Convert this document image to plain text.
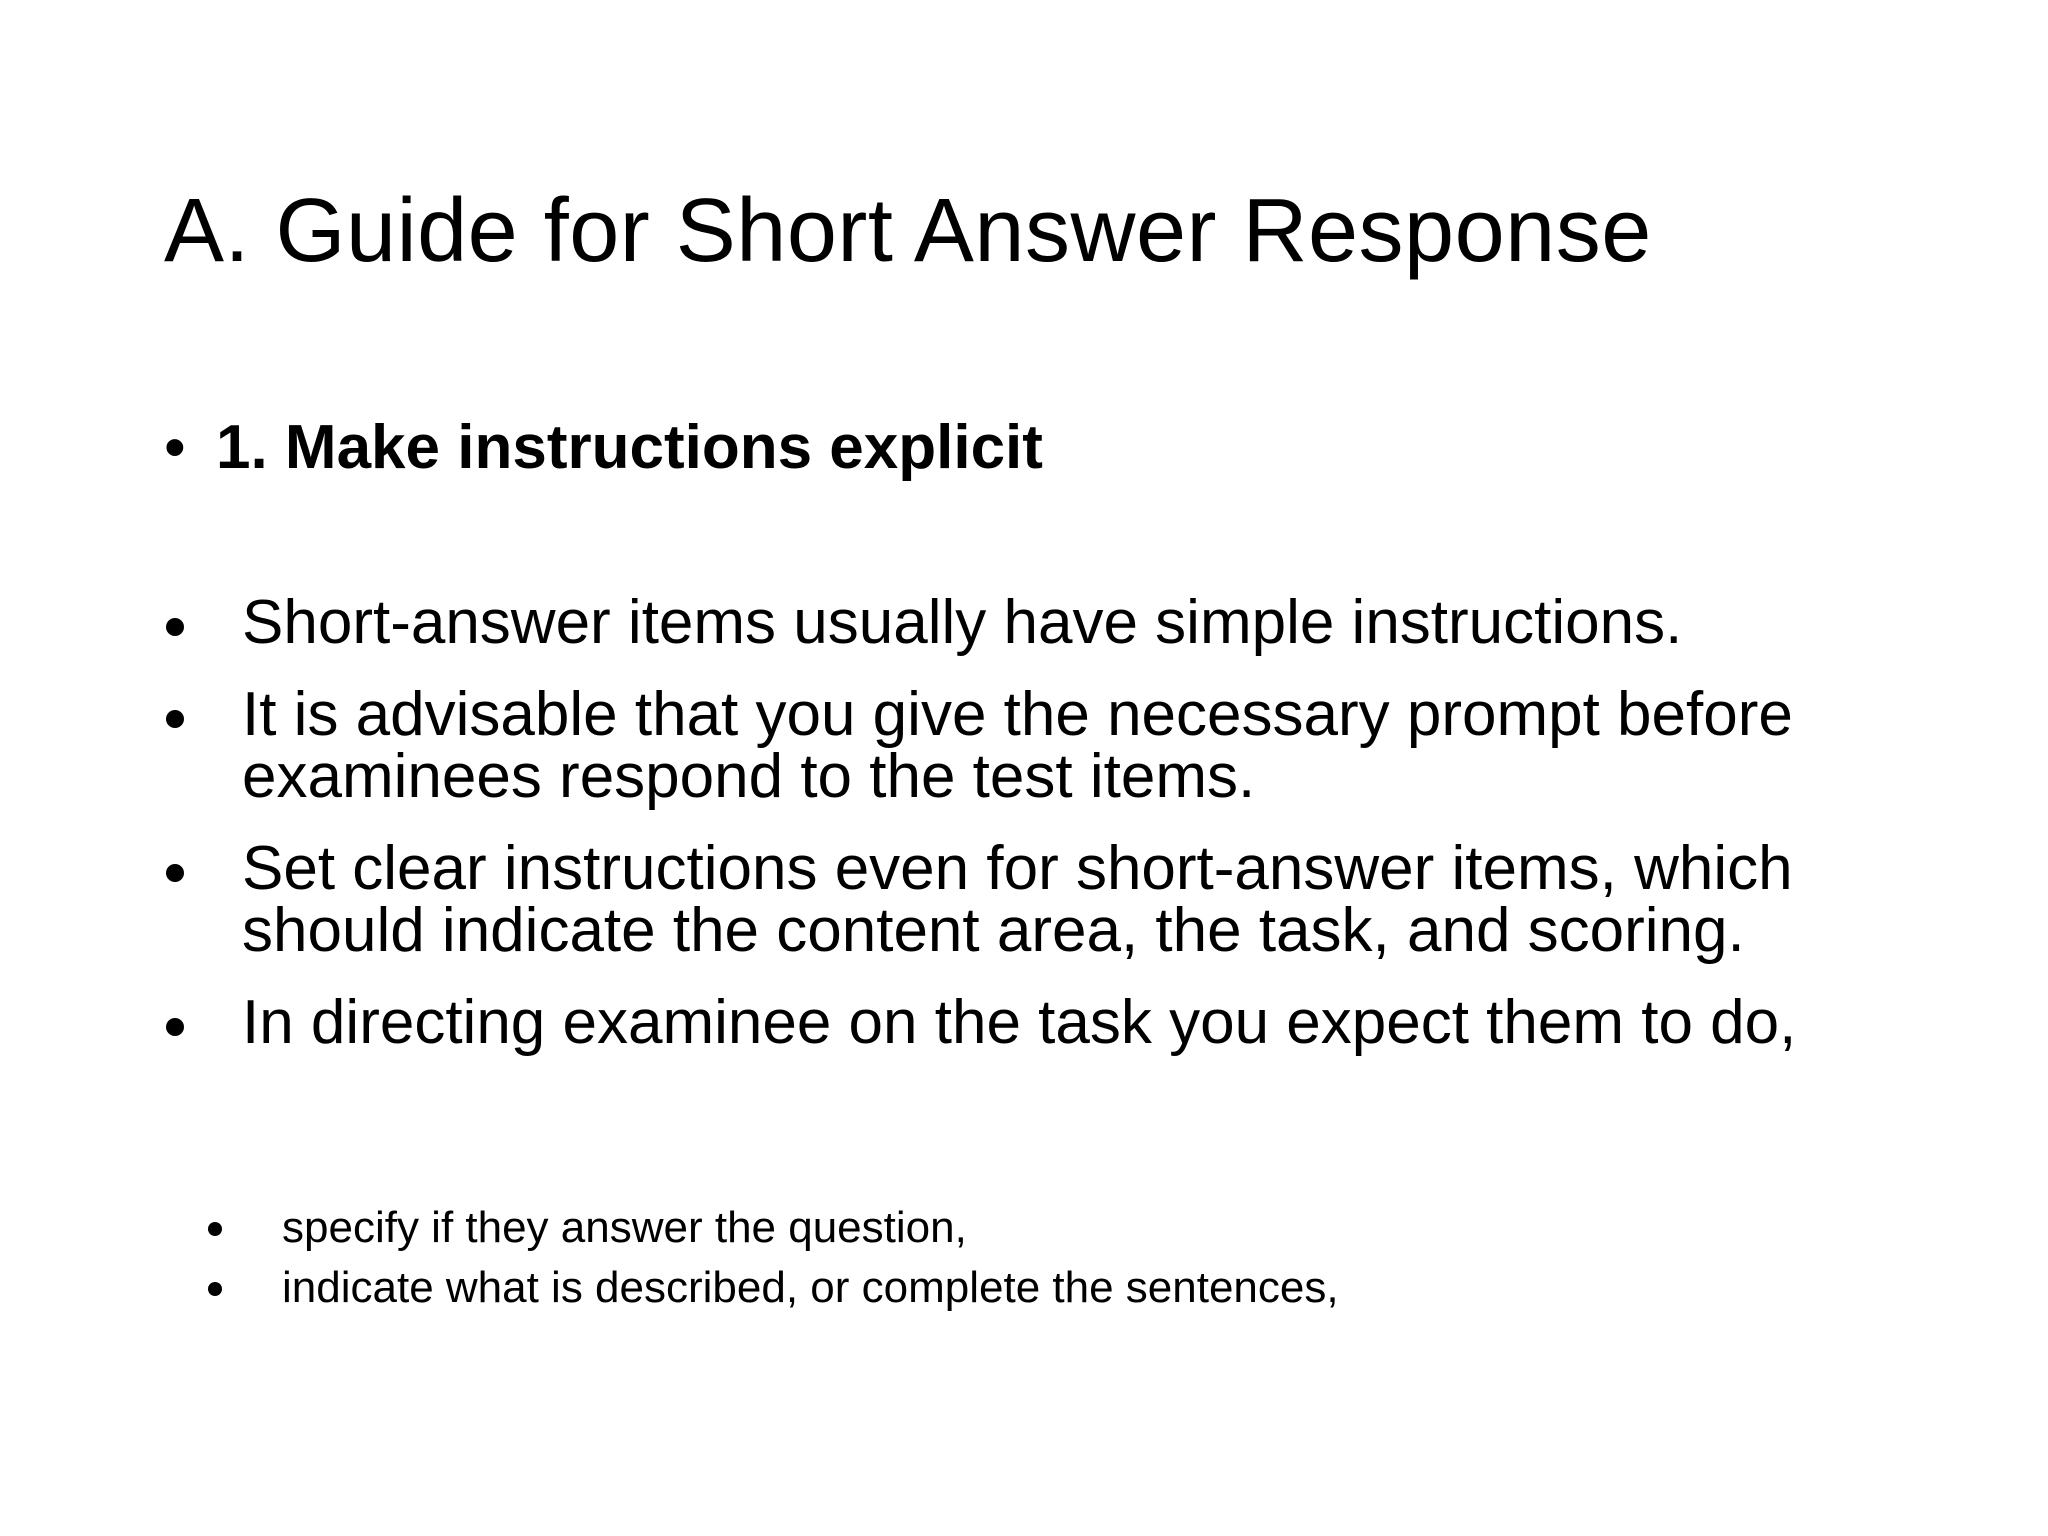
A. Guide for Short Answer Response
• 1. Make instructions explicit
Short-answer items usually have simple instructions.
It is advisable that you give the necessary prompt before examinees respond to the test items.
Set clear instructions even for short-answer items, which should indicate the content area, the task, and scoring.
In directing examinee on the task you expect them to do,
specify if they answer the question,
indicate what is described, or complete the sentences,
